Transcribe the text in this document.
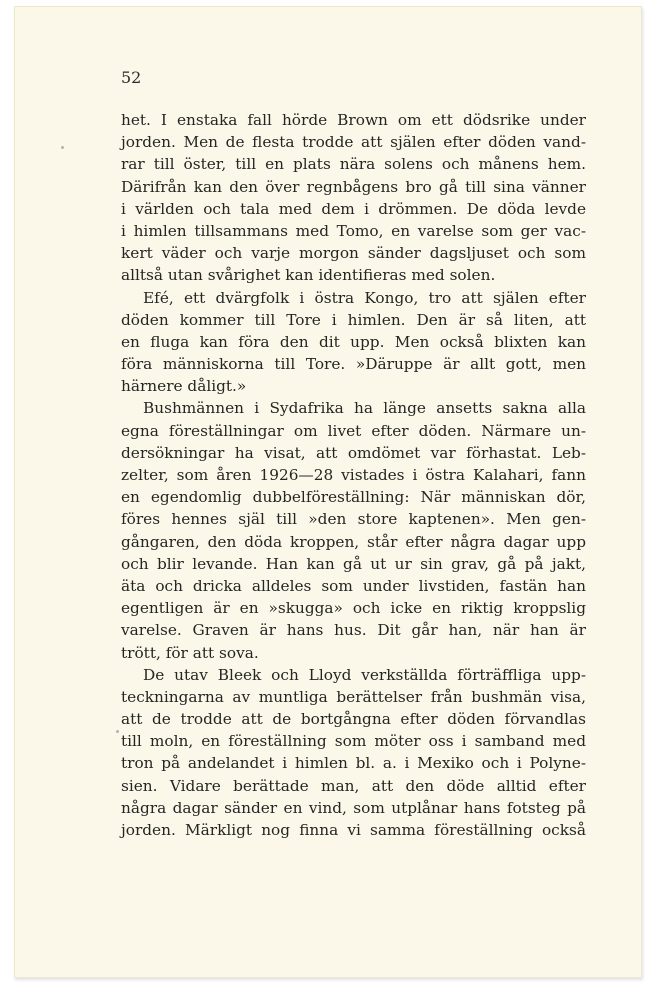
52
het. I enstaka fall hörde Brown om ett dödsrike under
jorden. Men de flesta trodde att själen efter döden vand-
rar till öster, till en plats nära solens och månens hem.
Därifrån kan den över regnbågens bro gå till sina vänner
i världen och tala med dem i drömmen. De döda levde
i himlen tillsammans med Tomo, en varelse som ger vac-
kert väder och varje morgon sänder dagsljuset och som
alltså utan svårighet kan identifieras med solen.
Efé, ett dvärgfolk i östra Kongo, tro att själen efter
döden kommer till Tore i himlen. Den är så liten, att
en fluga kan föra den dit upp. Men också blixten kan
föra människorna till Tore. »Däruppe är allt gott, men
härnere dåligt.»
Bushmännen i Sydafrika ha länge ansetts sakna alla
egna föreställningar om livet efter döden. Närmare un-
dersökningar ha visat, att omdömet var förhastat. Leb-
zelter, som åren 1926—28 vistades i östra Kalahari, fann
en egendomlig dubbelföreställning: När människan dör,
föres hennes själ till »den store kaptenen». Men gen-
gångaren, den döda kroppen, står efter några dagar upp
och blir levande. Han kan gå ut ur sin grav, gå på jakt,
äta och dricka alldeles som under livstiden, fastän han
egentligen är en »skugga» och icke en riktig kroppslig
varelse. Graven är hans hus. Dit går han, när han är
trött, för att sova.
De utav Bleek och Lloyd verkställda förträffliga upp-
teckningarna av muntliga berättelser från bushmän visa,
att de trodde att de bortgångna efter döden förvandlas
till moln, en föreställning som möter oss i samband med
tron på andelandet i himlen bl. a. i Mexiko och i Polyne-
sien. Vidare berättade man, att den döde alltid efter
några dagar sänder en vind, som utplånar hans fotsteg på
jorden. Märkligt nog finna vi samma föreställning också
